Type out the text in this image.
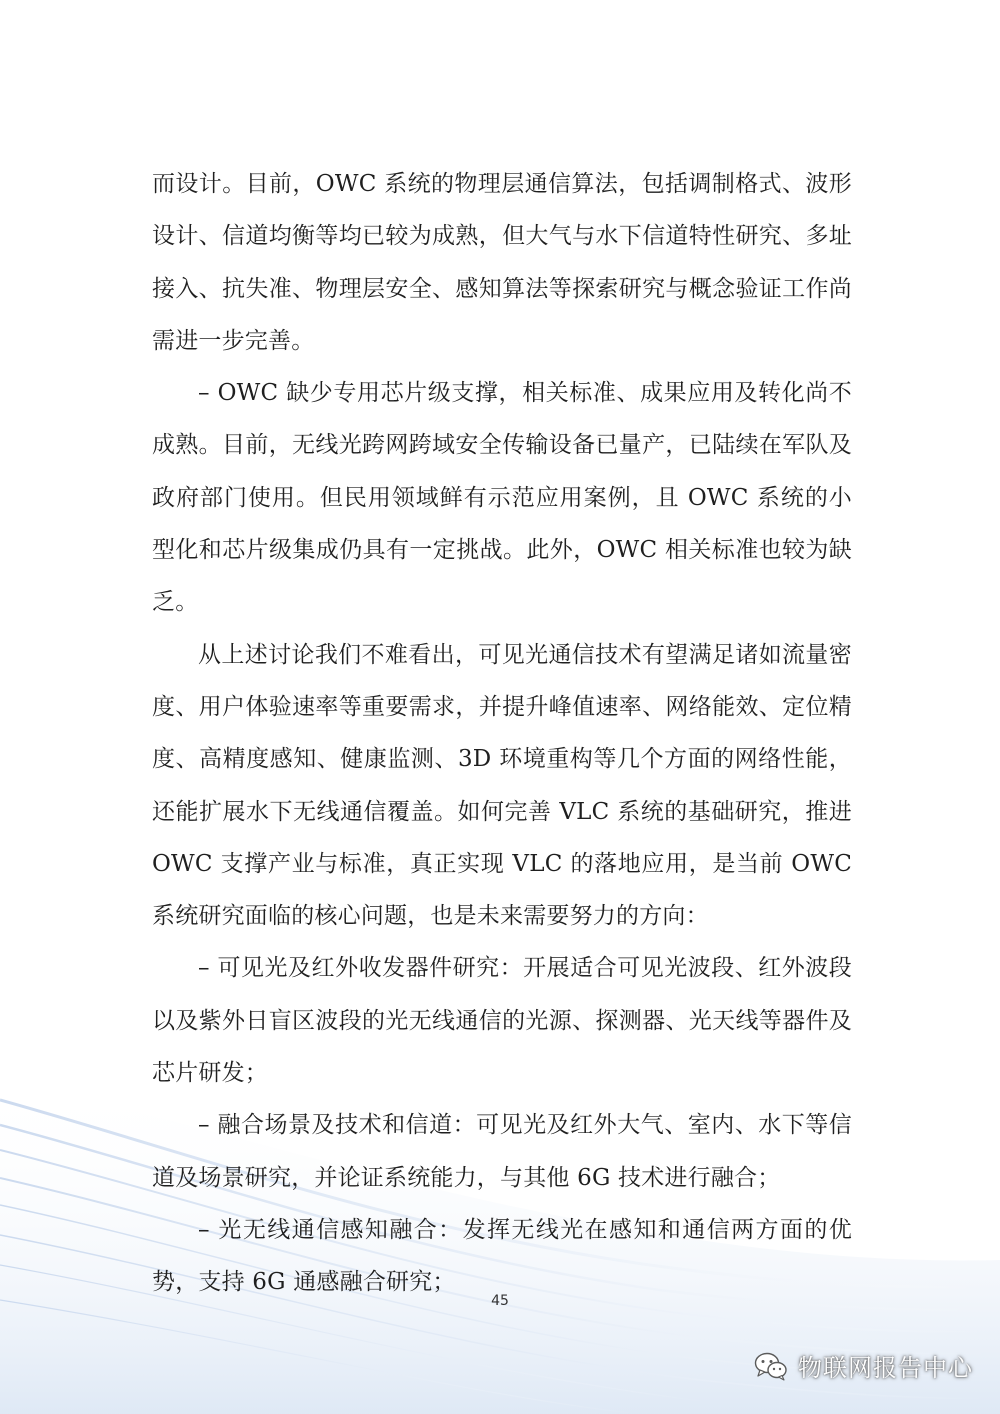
而设计。目前，OWC 系统的物理层通信算法，包括调制格式、波形设计、信道均衡等均已较为成熟，但大气与水下信道特性研究、多址接入、抗失准、物理层安全、感知算法等探索研究与概念验证工作尚需进一步完善。

– OWC 缺少专用芯片级支撑，相关标准、成果应用及转化尚不成熟。目前，无线光跨网跨域安全传输设备已量产，已陆续在军队及政府部门使用。但民用领域鲜有示范应用案例，且 OWC 系统的小型化和芯片级集成仍具有一定挑战。此外，OWC 相关标准也较为缺乏。

从上述讨论我们不难看出，可见光通信技术有望满足诸如流量密度、用户体验速率等重要需求，并提升峰值速率、网络能效、定位精度、高精度感知、健康监测、3D 环境重构等几个方面的网络性能，还能扩展水下无线通信覆盖。如何完善 VLC 系统的基础研究，推进 OWC 支撑产业与标准，真正实现 VLC 的落地应用，是当前 OWC 系统研究面临的核心问题，也是未来需要努力的方向：

– 可见光及红外收发器件研究：开展适合可见光波段、红外波段以及紫外日盲区波段的光无线通信的光源、探测器、光天线等器件及芯片研发；

– 融合场景及技术和信道：可见光及红外大气、室内、水下等信道及场景研究，并论证系统能力，与其他 6G 技术进行融合；

– 光无线通信感知融合：发挥无线光在感知和通信两方面的优势，支持 6G 通感融合研究；

45
物联网报告中心
